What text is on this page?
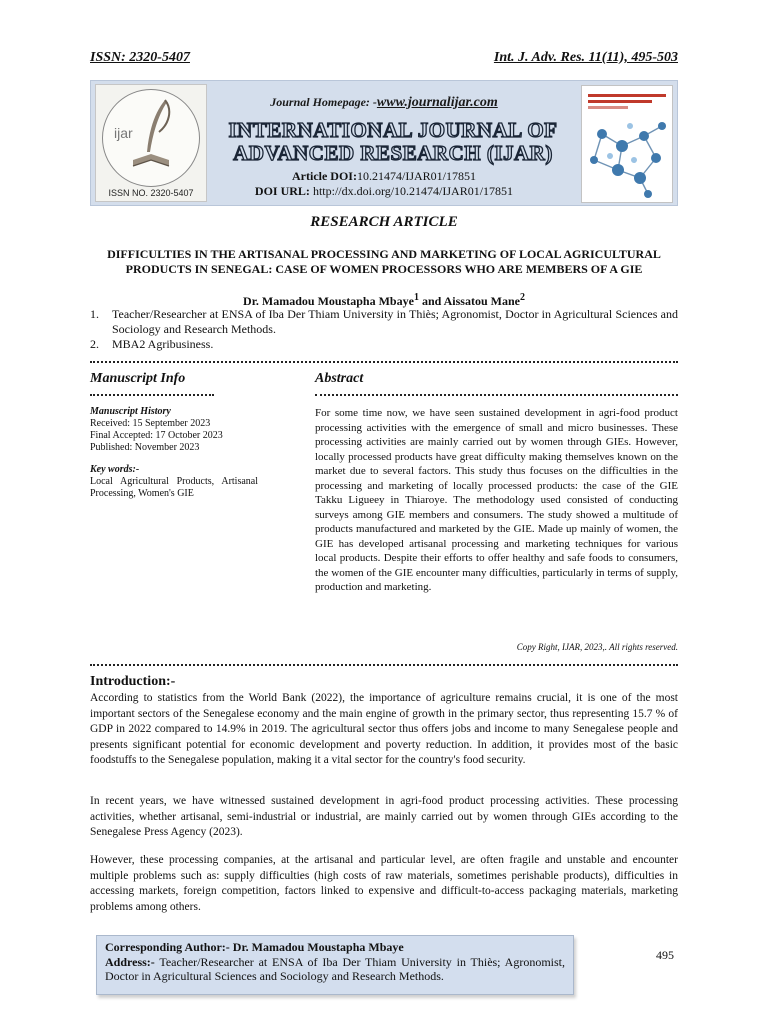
ISSN: 2320-5407	Int. J. Adv. Res. 11(11), 495-503
ijar
ISSN NO. 2320-5407
Journal Homepage: -www.journalijar.com
INTERNATIONAL JOURNAL OF
ADVANCED RESEARCH (IJAR)
Article DOI:10.21474/IJAR01/17851
DOI URL: http://dx.doi.org/10.21474/IJAR01/17851
RESEARCH ARTICLE
DIFFICULTIES IN THE ARTISANAL PROCESSING AND MARKETING OF LOCAL AGRICULTURAL PRODUCTS IN SENEGAL: CASE OF WOMEN PROCESSORS WHO ARE MEMBERS OF A GIE
Dr. Mamadou Moustapha Mbaye$^1$ and Aissatou Mane$^2$
1.	Teacher/Researcher at ENSA of Iba Der Thiam University in Thiès; Agronomist, Doctor in Agricultural Sciences and Sociology and Research Methods.
2.	MBA2 Agribusiness.
Manuscript Info	Abstract
Manuscript History
Received: 15 September 2023
Final Accepted: 17 October 2023
Published: November 2023
Key words:-
Local Agricultural Products, Artisanal Processing, Women's GIE
For some time now, we have seen sustained development in agri-food product processing activities with the emergence of small and micro businesses. These processing activities are mainly carried out by women through GIEs. However, locally processed products have great difficulty making themselves known on the market due to several factors. This study thus focuses on the difficulties in the processing and marketing of locally processed products: the case of the GIE Takku Ligueey in Thiaroye. The methodology used consisted of conducting surveys among GIE members and consumers. The study showed a multitude of products manufactured and marketed by the GIE. Made up mainly of women, the GIE has developed artisanal processing and marketing techniques for various local products. Despite their efforts to offer healthy and safe foods to consumers, the women of the GIE encounter many difficulties, particularly in terms of supply, production and marketing.
Copy Right, IJAR, 2023,. All rights reserved.
Introduction:-
According to statistics from the World Bank (2022), the importance of agriculture remains crucial, it is one of the most important sectors of the Senegalese economy and the main engine of growth in the primary sector, thus representing 15.7 % of GDP in 2022 compared to 14.9% in 2019. The agricultural sector thus offers jobs and income to many Senegalese people and presents significant potential for economic development and poverty reduction. In addition, it provides most of the basic foodstuffs to the Senegalese population, making it a vital sector for the country's food security.
In recent years, we have witnessed sustained development in agri-food product processing activities. These processing activities, whether artisanal, semi-industrial or industrial, are mainly carried out by women through GIEs according to the Senegalese Press Agency (2023).
However, these processing companies, at the artisanal and particular level, are often fragile and unstable and encounter multiple problems such as: supply difficulties (high costs of raw materials, sometimes perishable products), difficulties in accessing markets, foreign competition, factors linked to expensive and difficult-to-access packaging materials, marketing problems among others.
Corresponding Author:- Dr. Mamadou Moustapha Mbaye
Address:- Teacher/Researcher at ENSA of Iba Der Thiam University in Thiès; Agronomist, Doctor in Agricultural Sciences and Sociology and Research Methods.
495
